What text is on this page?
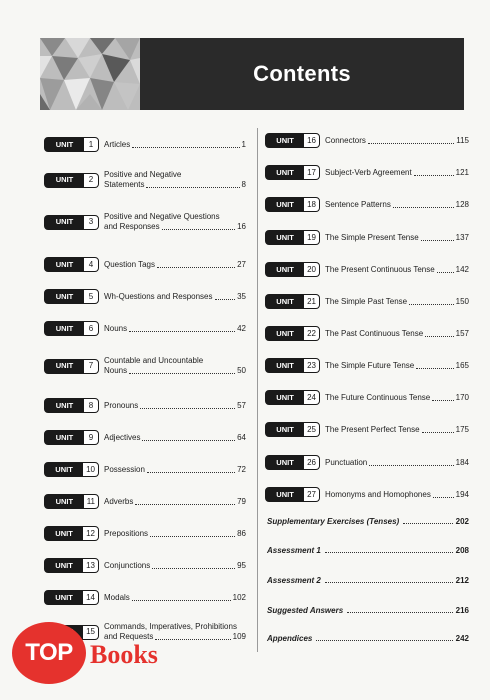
Contents
UNIT	1	Articles	1
UNIT	2
Positive and Negative
Statements	8
UNIT	3
Positive and Negative Questions
and Responses	16
UNIT	4	Question Tags	27
UNIT	5	Wh-Questions and Responses	35
UNIT	6	Nouns	42
UNIT	7
Countable and Uncountable
Nouns	50
UNIT	8	Pronouns	57
UNIT	9	Adjectives	64
UNIT	10	Possession	72
UNIT	11	Adverbs	79
UNIT	12	Prepositions	86
UNIT	13	Conjunctions	95
UNIT	14	Modals	102
15
Commands, Imperatives, Prohibitions
and Requests	109
UNIT	16	Connectors	115
UNIT	17	Subject-Verb Agreement	121
UNIT	18	Sentence Patterns	128
UNIT	19	The Simple Present Tense	137
UNIT	20	The Present Continuous Tense	142
UNIT	21	The Simple Past Tense	150
UNIT	22	The Past Continuous Tense	157
UNIT	23	The Simple Future Tense	165
UNIT	24	The Future Continuous Tense	170
UNIT	25	The Present Perfect Tense	175
UNIT	26	Punctuation	184
UNIT	27	Homonyms and Homophones	194
Supplementary Exercises (Tenses)	202
Assessment 1	208
Assessment 2	212
Suggested Answers	216
Appendices	242
TOP Books
